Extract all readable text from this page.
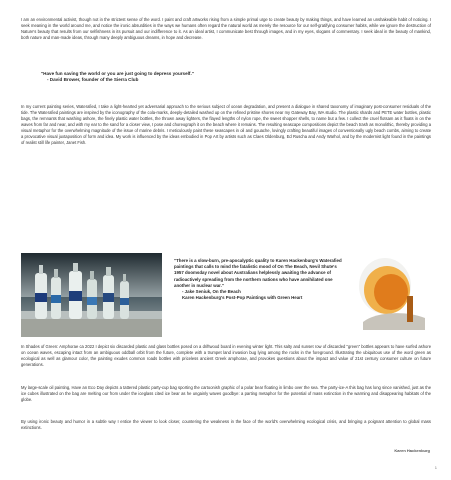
I am an environmental activist, though not in the strictest sense of the word. I paint and craft artworks rising from a simple primal urge to create beauty by making things, and have learned an unshakeable habit of noticing. I seek meaning in the world around me, and notice the ironic absurdities in the ways we humans often regard the natural world as merely the resource for our self-gratifying consumer habits, while we ignore the destruction of Nature's beauty that results from our selfishness in its pursuit and our indifference to it. As an ideal artist, I communicate best through images, and in my eyes, slogans of commentary. I seek ideal in the beauty of mankind, both nature and man-made ideas, through many deeply ambiguous dreams, in hope and decrease.

"Have fun saving the world or you are just going to depress yourself."
- David Brower, founder of the Sierra Club

In my current painting series, Waterafied, I take a light-hearted yet adversarial approach to the serious subject of ocean degradation, and present a dialogue in shared taxonomy of imaginary post-consumer residuals of the tide. The Waterafied paintings are inspired by the iconography of the cola-marks, deeply-detailed washed up on the refined pristine shores near my Gateway Bay, WA studio. The plastic shards and PETE water bottles, plastic bags, the remnants that washing ashore, the finely plastic water bottles, the thrown away lighters, the flayed lengths of nylon rope, the sweet shopper shells, to name but a few. I collect the cruel flotsam as it floats in on the waves from far and near, and with my ear to the sand for a closer view, I pose and choreograph it on the beach where it remains. The resulting seascape compositions depict the beach trash as monolithic, thereby providing a visual metaphor for the overwhelming magnitude of the issue of marine debris. I meticulously paint these seascapes in oil and gouache, lovingly crafting beautiful images of conventionally ugly beach combs, aiming to create a provocative visual juxtaposition of form and idea. My work is influenced by the ideas embodied in Pop Art by artists such as Claes Oldenburg, Ed Ruscha and Andy Warhol, and by the modernist light found in the paintings of realist still life painter, Janet Fish.

"There is a slow-burn, pre-apocalyptic quality to Karen Hackenburg's Waterafied paintings that calls to mind the fatalistic mood of On The Beach, Nevil Shute's 1957 doomsday novel about Australians helplessly awaiting the advance of radioactively spreading from the northern nations who have annihilated one another in nuclear war."
- Jake Seniuk, On the Beach
Karen Hackenburg's Post-Pop Paintings with Green Heart

In Shades of Green: Amphorae ca 2022 I depict six discarded plastic and glass bottles posed on a driftwood board in evening winter light. This salty and sunset row of discarded "green" bottles appears to have surfed ashore on ocean waves, escaping intact from an ambiguous oddball orbit from the future, complete with a trumpet land invasion bug lying among the rocks in the foreground. Illustrating the ubiquitous use of the word green as ecological as well as glamour color, the painting exudes common roads bottles with priceless ancient Greek amphorae, and provokes questions about the impact and value of 21st century consumer culture on future generations.

My large-scale oil painting, Have an Eco Day depicts a tattered plastic party-cup bag sporting the cartoonish graphic of a polar bear floating in limbo over the sea. The party-ice-A this bag has long since vanished, just as the ice cubes illustrated on the bag are melting our from under the iceglass cited ice bear as he ungainly waves goodbye: a parting metaphor for the potential of mass extinction in the warming and disappearing habitats of the globe.

By using ironic beauty and humor in a subtle way I entice the viewer to look closer, countering the weakness in the face of the world's overwhelming ecological crisis, and bringing a poignant attention to global mass extinctions.

Karen Hackenburg
1
